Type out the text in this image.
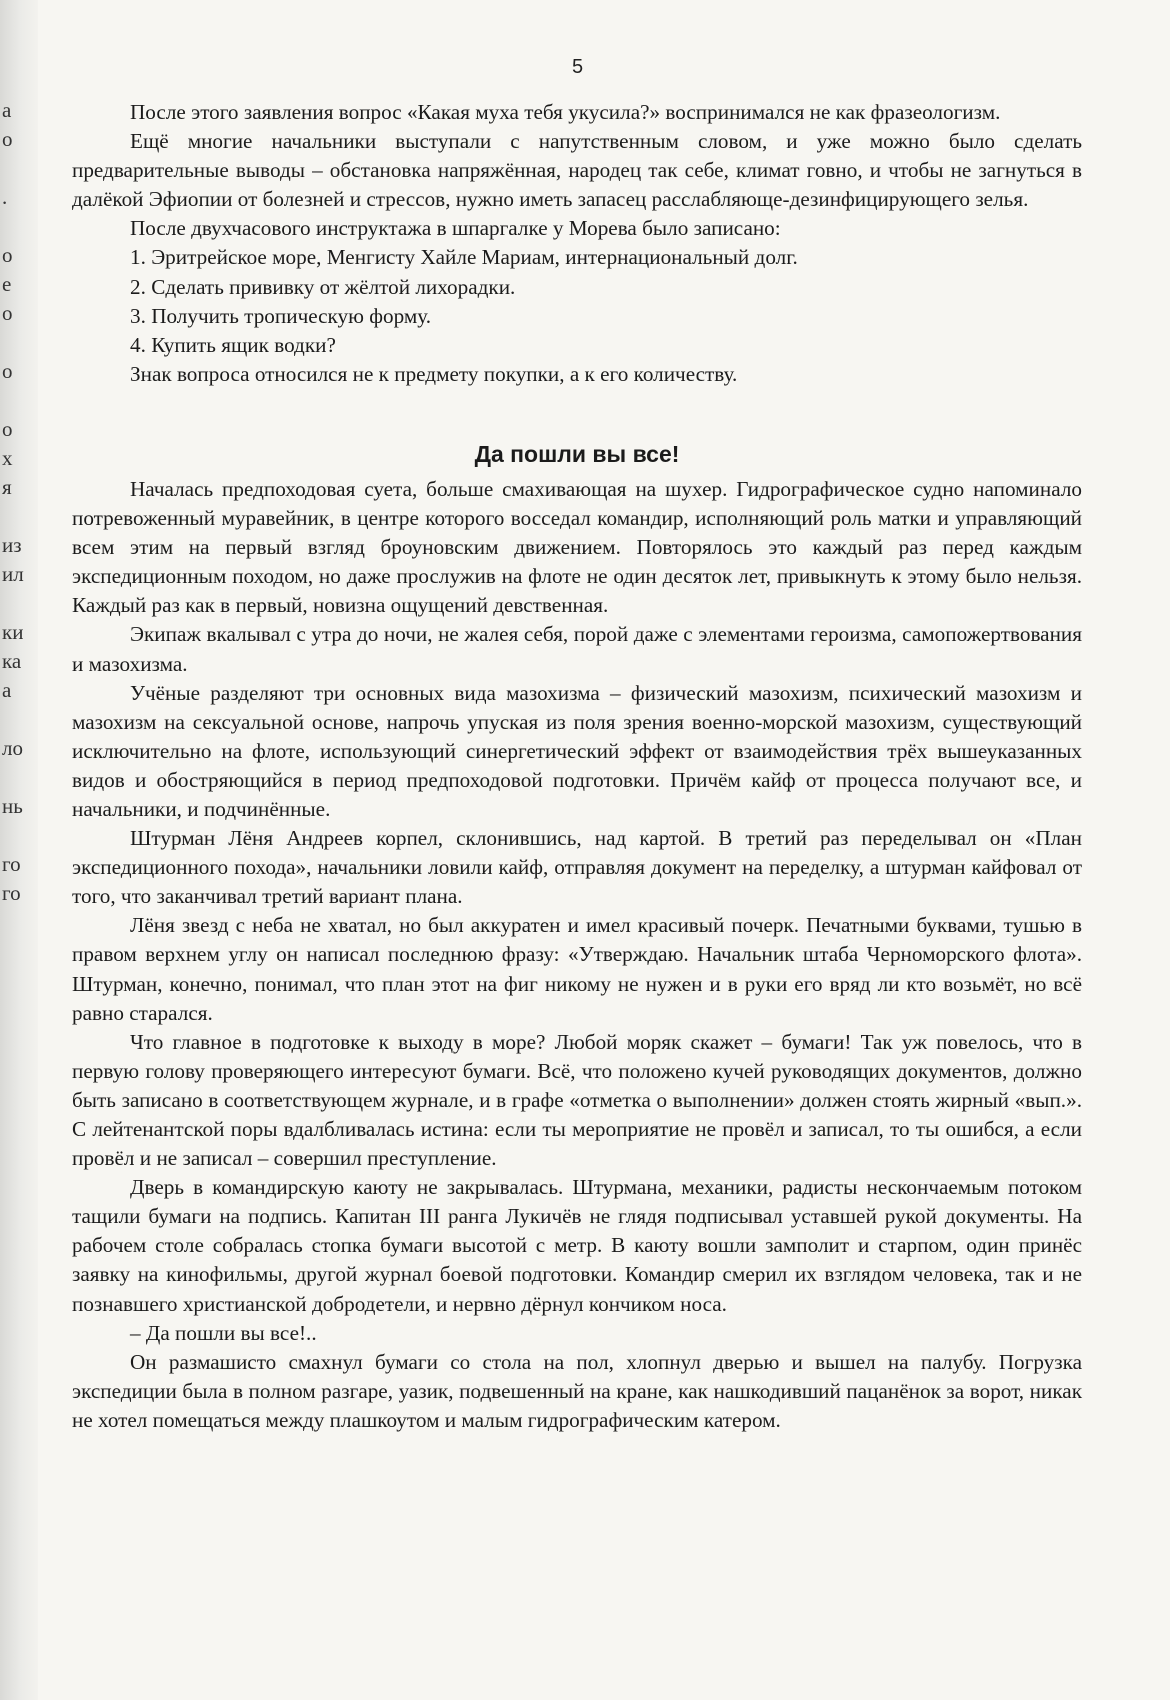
а
о
.
о
е
о
о
о
х
я
из
ил
ки
ка
а
ло
нь
го
го
5

После этого заявления вопрос «Какая муха тебя укусила?» воспринимался не как фразеологизм.

Ещё многие начальники выступали с напутственным словом, и уже можно было сделать предварительные выводы – обстановка напряжённая, народец так себе, климат говно, и чтобы не загнуться в далёкой Эфиопии от болезней и стрессов, нужно иметь запасец расслабляюще-дезинфицирующего зелья.

После двухчасового инструктажа в шпаргалке у Морева было записано:

1. Эритрейское море, Менгисту Хайле Мариам, интернациональный долг.

2. Сделать прививку от жёлтой лихорадки.

3. Получить тропическую форму.

4. Купить ящик водки?

Знак вопроса относился не к предмету покупки, а к его количеству.

Да пошли вы все!

Началась предпоходовая суета, больше смахивающая на шухер. Гидрографическое судно напоминало потревоженный муравейник, в центре которого восседал командир, исполняющий роль матки и управляющий всем этим на первый взгляд броуновским движением. Повторялось это каждый раз перед каждым экспедиционным походом, но даже прослужив на флоте не один десяток лет, привыкнуть к этому было нельзя. Каждый раз как в первый, новизна ощущений девственная.

Экипаж вкалывал с утра до ночи, не жалея себя, порой даже с элементами героизма, самопожертвования и мазохизма.

Учёные разделяют три основных вида мазохизма – физический мазохизм, психический мазохизм и мазохизм на сексуальной основе, напрочь упуская из поля зрения военно-морской мазохизм, существующий исключительно на флоте, использующий синергетический эффект от взаимодействия трёх вышеуказанных видов и обостряющийся в период предпоходовой подготовки. Причём кайф от процесса получают все, и начальники, и подчинённые.

Штурман Лёня Андреев корпел, склонившись, над картой. В третий раз переделывал он «План экспедиционного похода», начальники ловили кайф, отправляя документ на переделку, а штурман кайфовал от того, что заканчивал третий вариант плана.

Лёня звезд с неба не хватал, но был аккуратен и имел красивый почерк. Печатными буквами, тушью в правом верхнем углу он написал последнюю фразу: «Утверждаю. Начальник штаба Черноморского флота». Штурман, конечно, понимал, что план этот на фиг никому не нужен и в руки его вряд ли кто возьмёт, но всё равно старался.

Что главное в подготовке к выходу в море? Любой моряк скажет – бумаги! Так уж повелось, что в первую голову проверяющего интересуют бумаги. Всё, что положено кучей руководящих документов, должно быть записано в соответствующем журнале, и в графе «отметка о выполнении» должен стоять жирный «вып.». С лейтенантской поры вдалбливалась истина: если ты мероприятие не провёл и записал, то ты ошибся, а если провёл и не записал – совершил преступление.

Дверь в командирскую каюту не закрывалась. Штурмана, механики, радисты нескончаемым потоком тащили бумаги на подпись. Капитан III ранга Лукичёв не глядя подписывал уставшей рукой документы. На рабочем столе собралась стопка бумаги высотой с метр. В каюту вошли замполит и старпом, один принёс заявку на кинофильмы, другой журнал боевой подготовки. Командир смерил их взглядом человека, так и не познавшего христианской добродетели, и нервно дёрнул кончиком носа.

– Да пошли вы все!..

Он размашисто смахнул бумаги со стола на пол, хлопнул дверью и вышел на палубу. Погрузка экспедиции была в полном разгаре, уазик, подвешенный на кране, как нашкодивший пацанёнок за ворот, никак не хотел помещаться между плашкоутом и малым гидрографическим катером.
